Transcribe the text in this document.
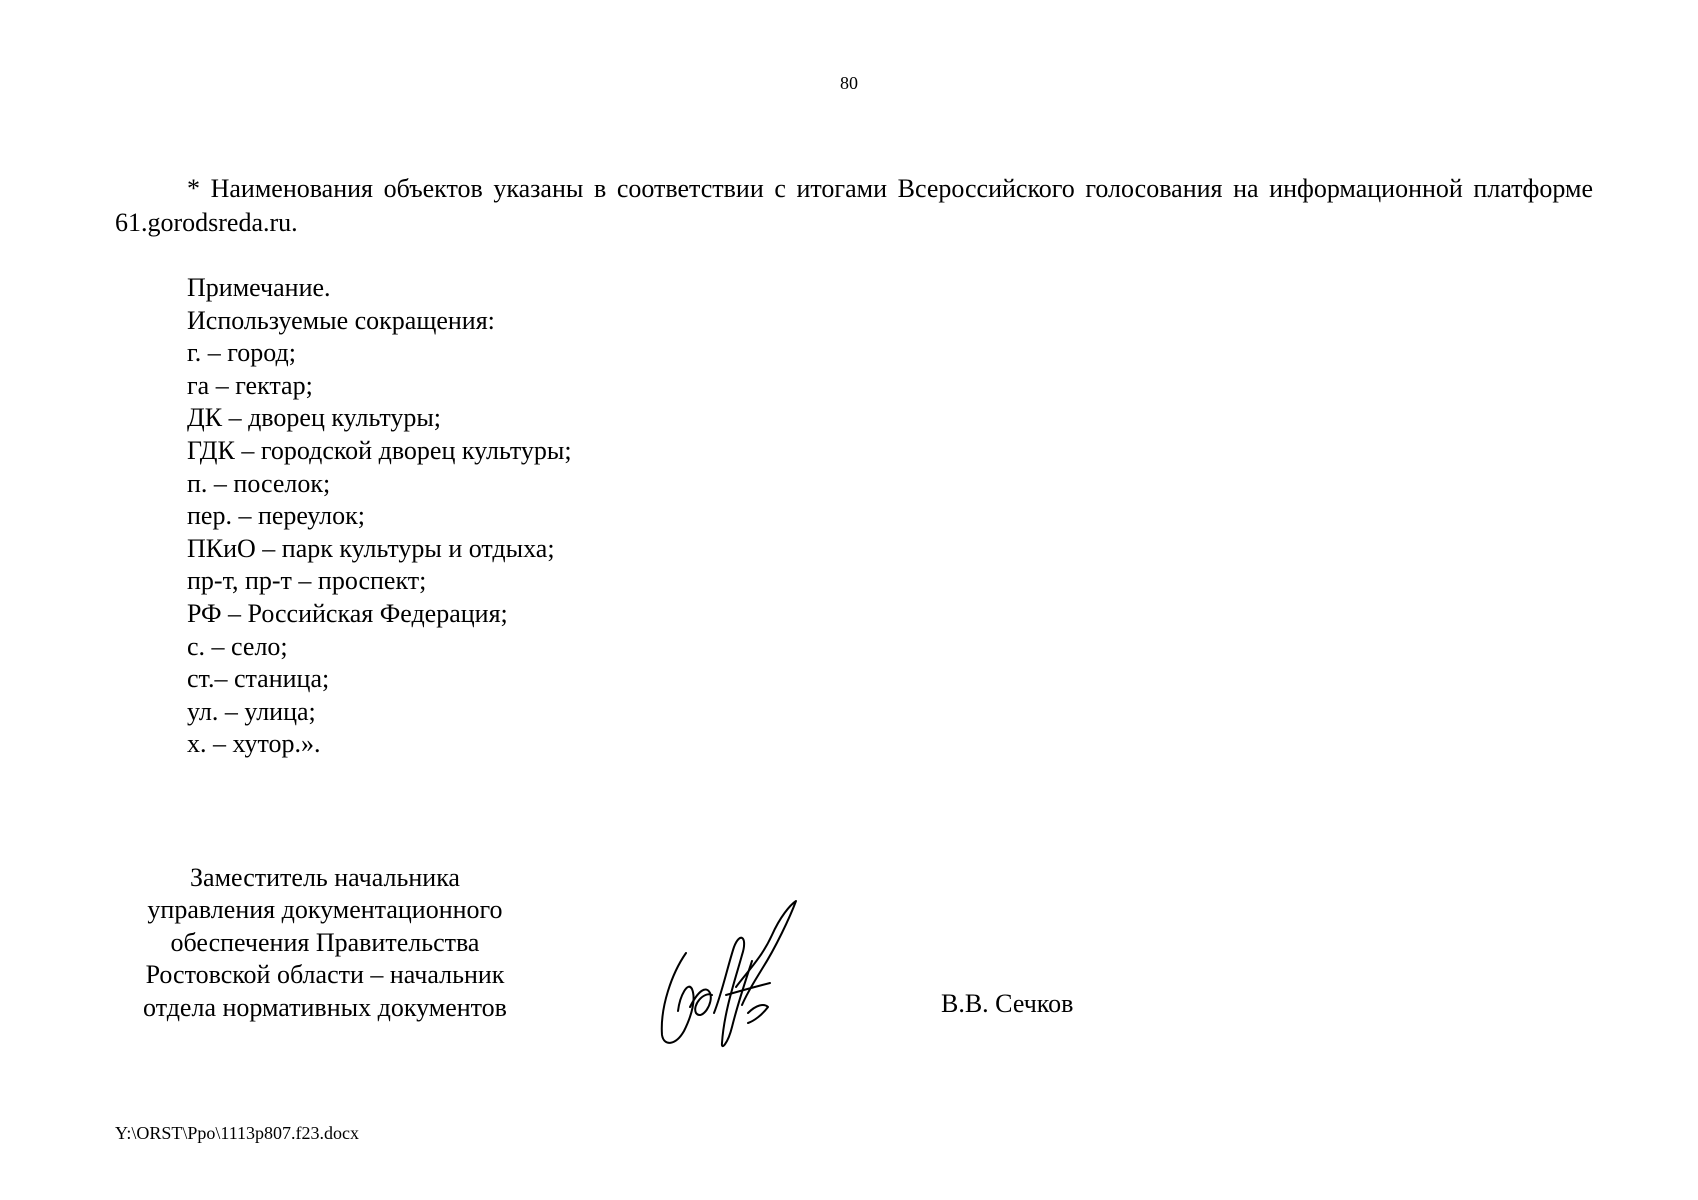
80

* Наименования объектов указаны в соответствии с итогами Всероссийского голосования на информационной платформе 61.gorodsreda.ru.

Примечание.
Используемые сокращения:
г. – город;
га – гектар;
ДК – дворец культуры;
ГДК – городской дворец культуры;
п. – поселок;
пер. – переулок;
ПКиО – парк культуры и отдыха;
пр-т, пр-т – проспект;
РФ – Российская Федерация;
с. – село;
ст.– станица;
ул. – улица;
х. – хутор.».
Заместитель начальника
управления документационного
обеспечения Правительства
Ростовской области – начальник
отдела нормативных документов	В.В. Сечков
Y:\ORST\Ppo\1113p807.f23.docx
